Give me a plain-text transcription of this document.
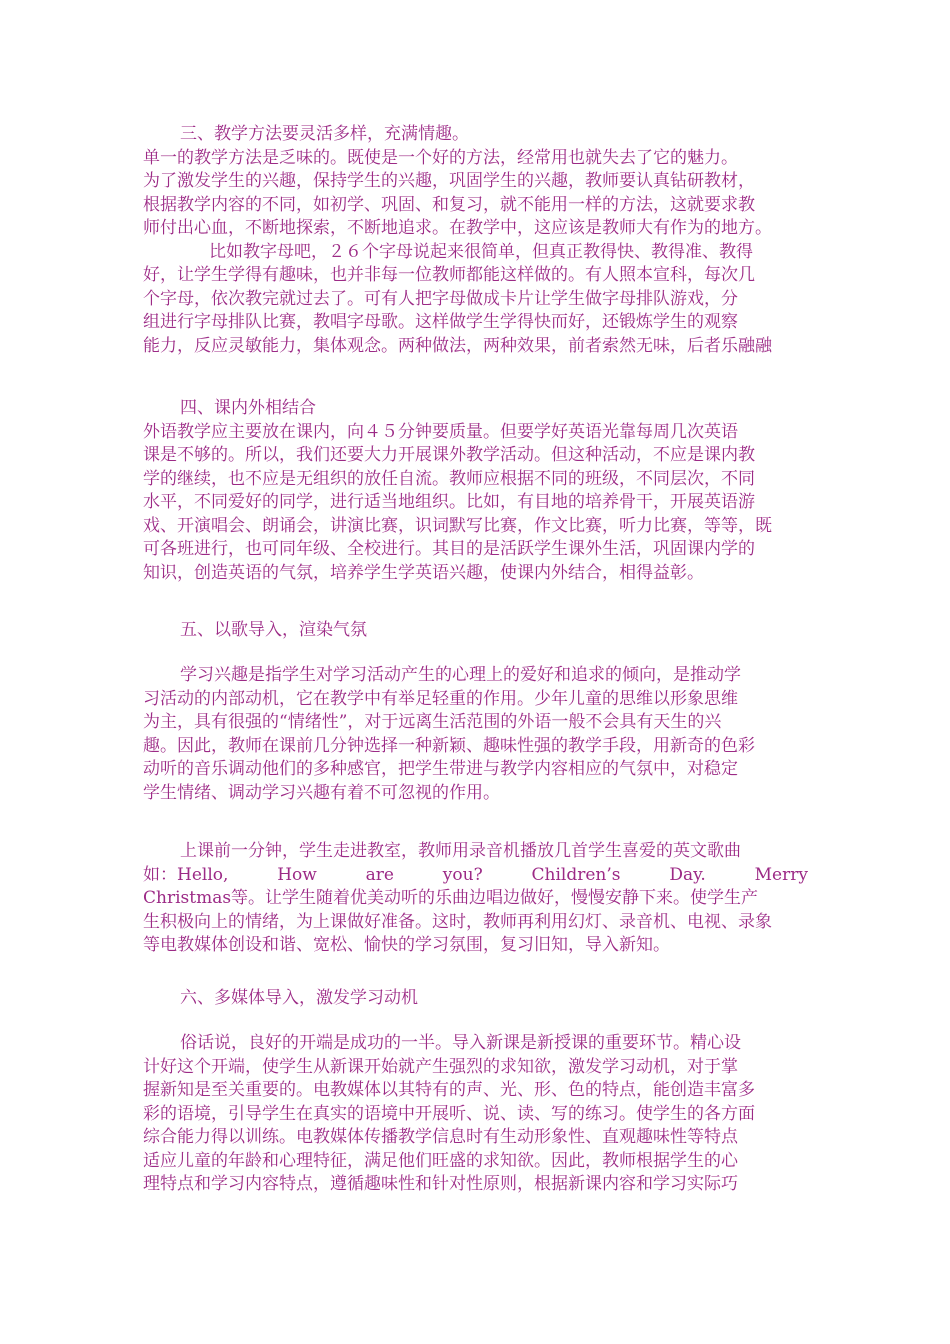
三、教学方法要灵活多样，充满情趣。
单一的教学方法是乏味的。既使是一个好的方法，经常用也就失去了它的魅力。
为了激发学生的兴趣，保持学生的兴趣，巩固学生的兴趣，教师要认真钻研教材，
根据教学内容的不同，如初学、巩固、和复习，就不能用一样的方法，这就要求教
师付出心血，不断地探索，不断地追求。在教学中，这应该是教师大有作为的地方。
比如教字母吧，２６个字母说起来很简单，但真正教得快、教得准、教得
好，让学生学得有趣味，也并非每一位教师都能这样做的。有人照本宣科，每次几
个字母，依次教完就过去了。可有人把字母做成卡片让学生做字母排队游戏，分
组进行字母排队比赛，教唱字母歌。这样做学生学得快而好，还锻炼学生的观察
能力，反应灵敏能力，集体观念。两种做法，两种效果，前者索然无味，后者乐融融
四、课内外相结合
外语教学应主要放在课内，向４５分钟要质量。但要学好英语光靠每周几次英语
课是不够的。所以，我们还要大力开展课外教学活动。但这种活动，不应是课内教
学的继续，也不应是无组织的放任自流。教师应根据不同的班级，不同层次，不同
水平，不同爱好的同学，进行适当地组织。比如，有目地的培养骨干，开展英语游
戏、开演唱会、朗诵会，讲演比赛，识词默写比赛，作文比赛，听力比赛，等等，既
可各班进行，也可同年级、全校进行。其目的是活跃学生课外生活，巩固课内学的
知识，创造英语的气氛，培养学生学英语兴趣，使课内外结合，相得益彰。
五、以歌导入，渲染气氛
学习兴趣是指学生对学习活动产生的心理上的爱好和追求的倾向，是推动学
习活动的内部动机，它在教学中有举足轻重的作用。少年儿童的思维以形象思维
为主，具有很强的“情绪性”，对于远离生活范围的外语一般不会具有天生的兴
趣。因此，教师在课前几分钟选择一种新颖、趣味性强的教学手段，用新奇的色彩
动听的音乐调动他们的多种感官，把学生带进与教学内容相应的气氛中，对稳定
学生情绪、调动学习兴趣有着不可忽视的作用。
上课前一分钟，学生走进教室，教师用录音机播放几首学生喜爱的英文歌曲
如：Hello,	How	are	you?	Children’s	Day.	Merry
Christmas等。让学生随着优美动听的乐曲边唱边做好，慢慢安静下来。使学生产
生积极向上的情绪，为上课做好准备。这时，教师再利用幻灯、录音机、电视、录象
等电教媒体创设和谐、宽松、愉快的学习氛围，复习旧知，导入新知。
六、多媒体导入，激发学习动机
俗话说，良好的开端是成功的一半。导入新课是新授课的重要环节。精心设
计好这个开端，使学生从新课开始就产生强烈的求知欲，激发学习动机，对于掌
握新知是至关重要的。电教媒体以其特有的声、光、形、色的特点，能创造丰富多
彩的语境，引导学生在真实的语境中开展听、说、读、写的练习。使学生的各方面
综合能力得以训练。电教媒体传播教学信息时有生动形象性、直观趣味性等特点
适应儿童的年龄和心理特征，满足他们旺盛的求知欲。因此，教师根据学生的心
理特点和学习内容特点，遵循趣味性和针对性原则，根据新课内容和学习实际巧
